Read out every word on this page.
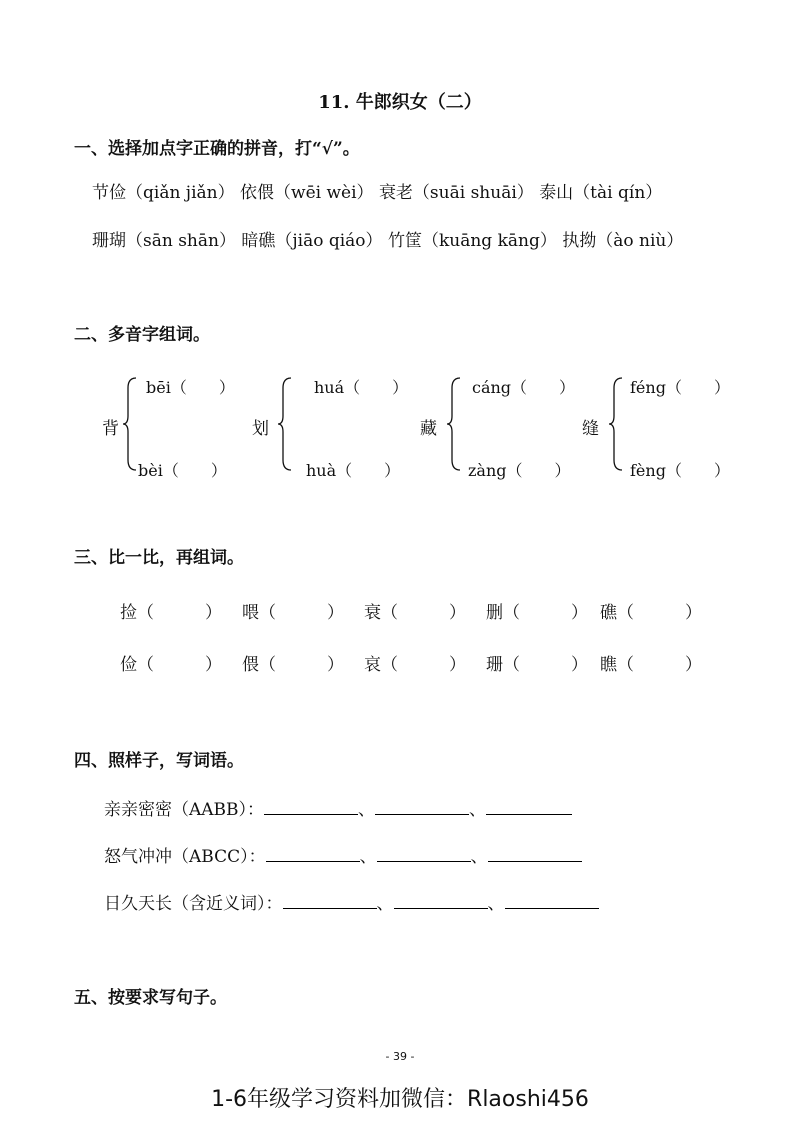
11. 牛郎织女（二）
一、选择加点字正确的拼音，打“√”。
节俭（qiǎn jiǎn） 依偎（wēi wèi） 衰老（suāi shuāi） 泰山（tài qín）
珊瑚（sān shān） 暗礁（jiāo qiáo） 竹筐（kuāng kāng） 执拗（ào niù）
二、多音字组词。
背
bēi（　　）
bèi（　　）
划
huá（　　）
huà（　　）
藏
cáng（　　）
zàng（　　）
缝
féng（　　）
fèng（　　）
三、比一比，再组词。
捡（　　　） 喂（　　　） 衰（　　　） 删（　　　） 礁（　　　）
俭（　　　） 偎（　　　） 哀（　　　） 珊（　　　） 瞧（　　　）
四、照样子，写词语。
亲亲密密（AABB）：	、	、
怒气冲冲（ABCC）：	、	、
日久天长（含近义词）：	、	、
五、按要求写句子。
- 39 -
1-6年级学习资料加微信：Rlaoshi456
